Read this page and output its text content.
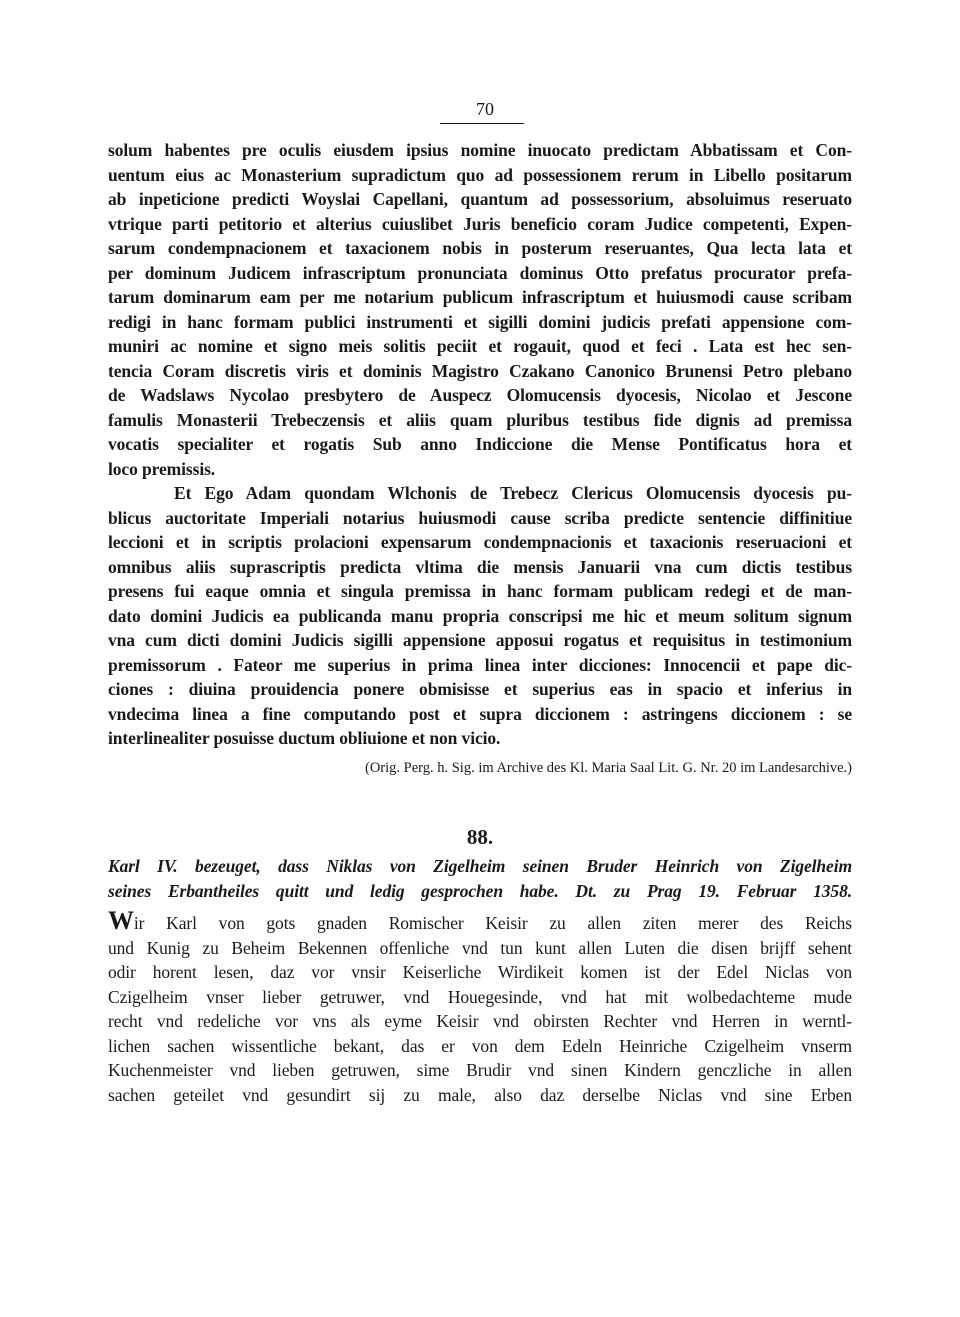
70
solum habentes pre oculis eiusdem ipsius nomine inuocato predictam Abbatissam et Con-
uentum eius ac Monasterium supradictum quo ad possessionem rerum in Libello positarum
ab inpeticione predicti Woyslai Capellani, quantum ad possessorium, absoluimus reseruato
vtrique parti petitorio et alterius cuiuslibet Juris beneficio coram Judice competenti, Expen-
sarum condempnacionem et taxacionem nobis in posterum reseruantes, Qua lecta lata et
per dominum Judicem infrascriptum pronunciata dominus Otto prefatus procurator prefa-
tarum dominarum eam per me notarium publicum infrascriptum et huiusmodi cause scribam
redigi in hanc formam publici instrumenti et sigilli domini judicis prefati appensione com-
muniri ac nomine et signo meis solitis peciit et rogauit, quod et feci . Lata est hec sen-
tencia Coram discretis viris et dominis Magistro Czakano Canonico Brunensi Petro plebano
de Wadslaws Nycolao presbytero de Auspecz Olomucensis dyocesis, Nicolao et Jescone
famulis Monasterii Trebeczensis et aliis quam pluribus testibus fide dignis ad premissa
vocatis specialiter et rogatis Sub anno Indiccione die Mense Pontificatus hora et
loco premissis.
Et Ego Adam quondam Wlchonis de Trebecz Clericus Olomucensis dyocesis pu-
blicus auctoritate Imperiali notarius huiusmodi cause scriba predicte sentencie diffinitiue
leccioni et in scriptis prolacioni expensarum condempnacionis et taxacionis reseruacioni et
omnibus aliis suprascriptis predicta vltima die mensis Januarii vna cum dictis testibus
presens fui eaque omnia et singula premissa in hanc formam publicam redegi et de man-
dato domini Judicis ea publicanda manu propria conscripsi me hic et meum solitum signum
vna cum dicti domini Judicis sigilli appensione apposui rogatus et requisitus in testimonium
premissorum . Fateor me superius in prima linea inter dicciones: Innocencii et pape dic-
ciones : diuina prouidencia ponere obmisisse et superius eas in spacio et inferius in
vndecima linea a fine computando post et supra diccionem : astringens diccionem : se
interlinealiter posuisse ductum obliuione et non vicio.
(Orig. Perg. h. Sig. im Archive des Kl. Maria Saal Lit. G. Nr. 20 im Landesarchive.)
88.
Karl IV. bezeuget, dass Niklas von Zigelheim seinen Bruder Heinrich von Zigelheim
seines Erbantheiles quitt und ledig gesprochen habe. Dt. zu Prag 19. Februar 1358.
Wir Karl von gots gnaden Romischer Keisir zu allen ziten merer des Reichs
und Kunig zu Beheim Bekennen offenliche vnd tun kunt allen Luten die disen brijff sehent
odir horent lesen, daz vor vnsir Keiserliche Wirdikeit komen ist der Edel Niclas von
Czigelheim vnser lieber getruwer, vnd Houegesinde, vnd hat mit wolbedachteme mude
recht vnd redeliche vor vns als eyme Keisir vnd obirsten Rechter vnd Herren in werntl-
lichen sachen wissentliche bekant, das er von dem Edeln Heinriche Czigelheim vnserm
Kuchenmeister vnd lieben getruwen, sime Brudir vnd sinen Kindern genczliche in allen
sachen geteilet vnd gesundirt sij zu male, also daz derselbe Niclas vnd sine Erben
